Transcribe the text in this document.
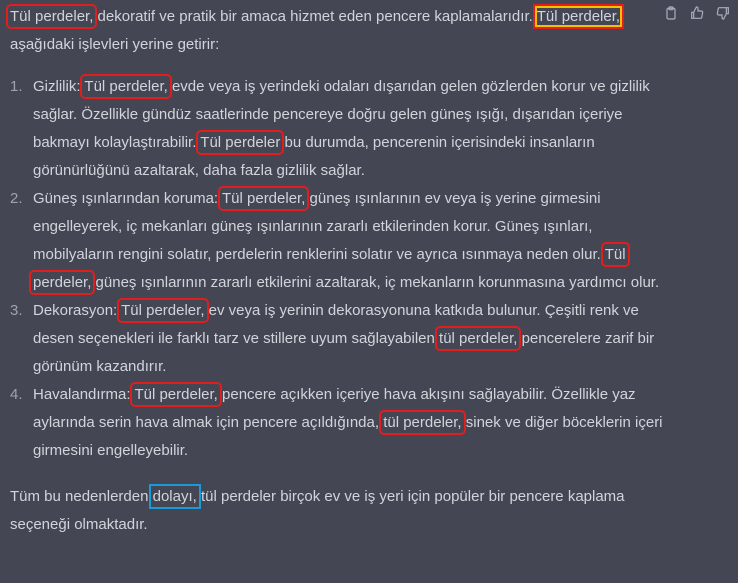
Tül perdeler, dekoratif ve pratik bir amaca hizmet eden pencere kaplamalarıdır. Tül perdeler, aşağıdaki işlevleri yerine getirir:

1. Gizlilik: Tül perdeler, evde veya iş yerindeki odaları dışarıdan gelen gözlerden korur ve gizlilik sağlar. Özellikle gündüz saatlerinde pencereye doğru gelen güneş ışığı, dışarıdan içeriye bakmayı kolaylaştırabilir. Tül perdeler bu durumda, pencerenin içerisindeki insanların görünürlüğünü azaltarak, daha fazla gizlilik sağlar.
2. Güneş ışınlarından koruma: Tül perdeler, güneş ışınlarının ev veya iş yerine girmesini engelleyerek, iç mekanları güneş ışınlarının zararlı etkilerinden korur. Güneş ışınları, mobilyaların rengini solatır, perdelerin renklerini solatır ve ayrıca ısınmaya neden olur. Tül perdeler, güneş ışınlarının zararlı etkilerini azaltarak, iç mekanların korunmasına yardımcı olur.
3. Dekorasyon: Tül perdeler, ev veya iş yerinin dekorasyonuna katkıda bulunur. Çeşitli renk ve desen seçenekleri ile farklı tarz ve stillere uyum sağlayabilen tül perdeler, pencerelere zarif bir görünüm kazandırır.
4. Havalandırma: Tül perdeler, pencere açıkken içeriye hava akışını sağlayabilir. Özellikle yaz aylarında serin hava almak için pencere açıldığında, tül perdeler, sinek ve diğer böceklerin içeri girmesini engelleyebilir.

Tüm bu nedenlerden dolayı, tül perdeler birçok ev ve iş yeri için popüler bir pencere kaplama seçeneği olmaktadır.
